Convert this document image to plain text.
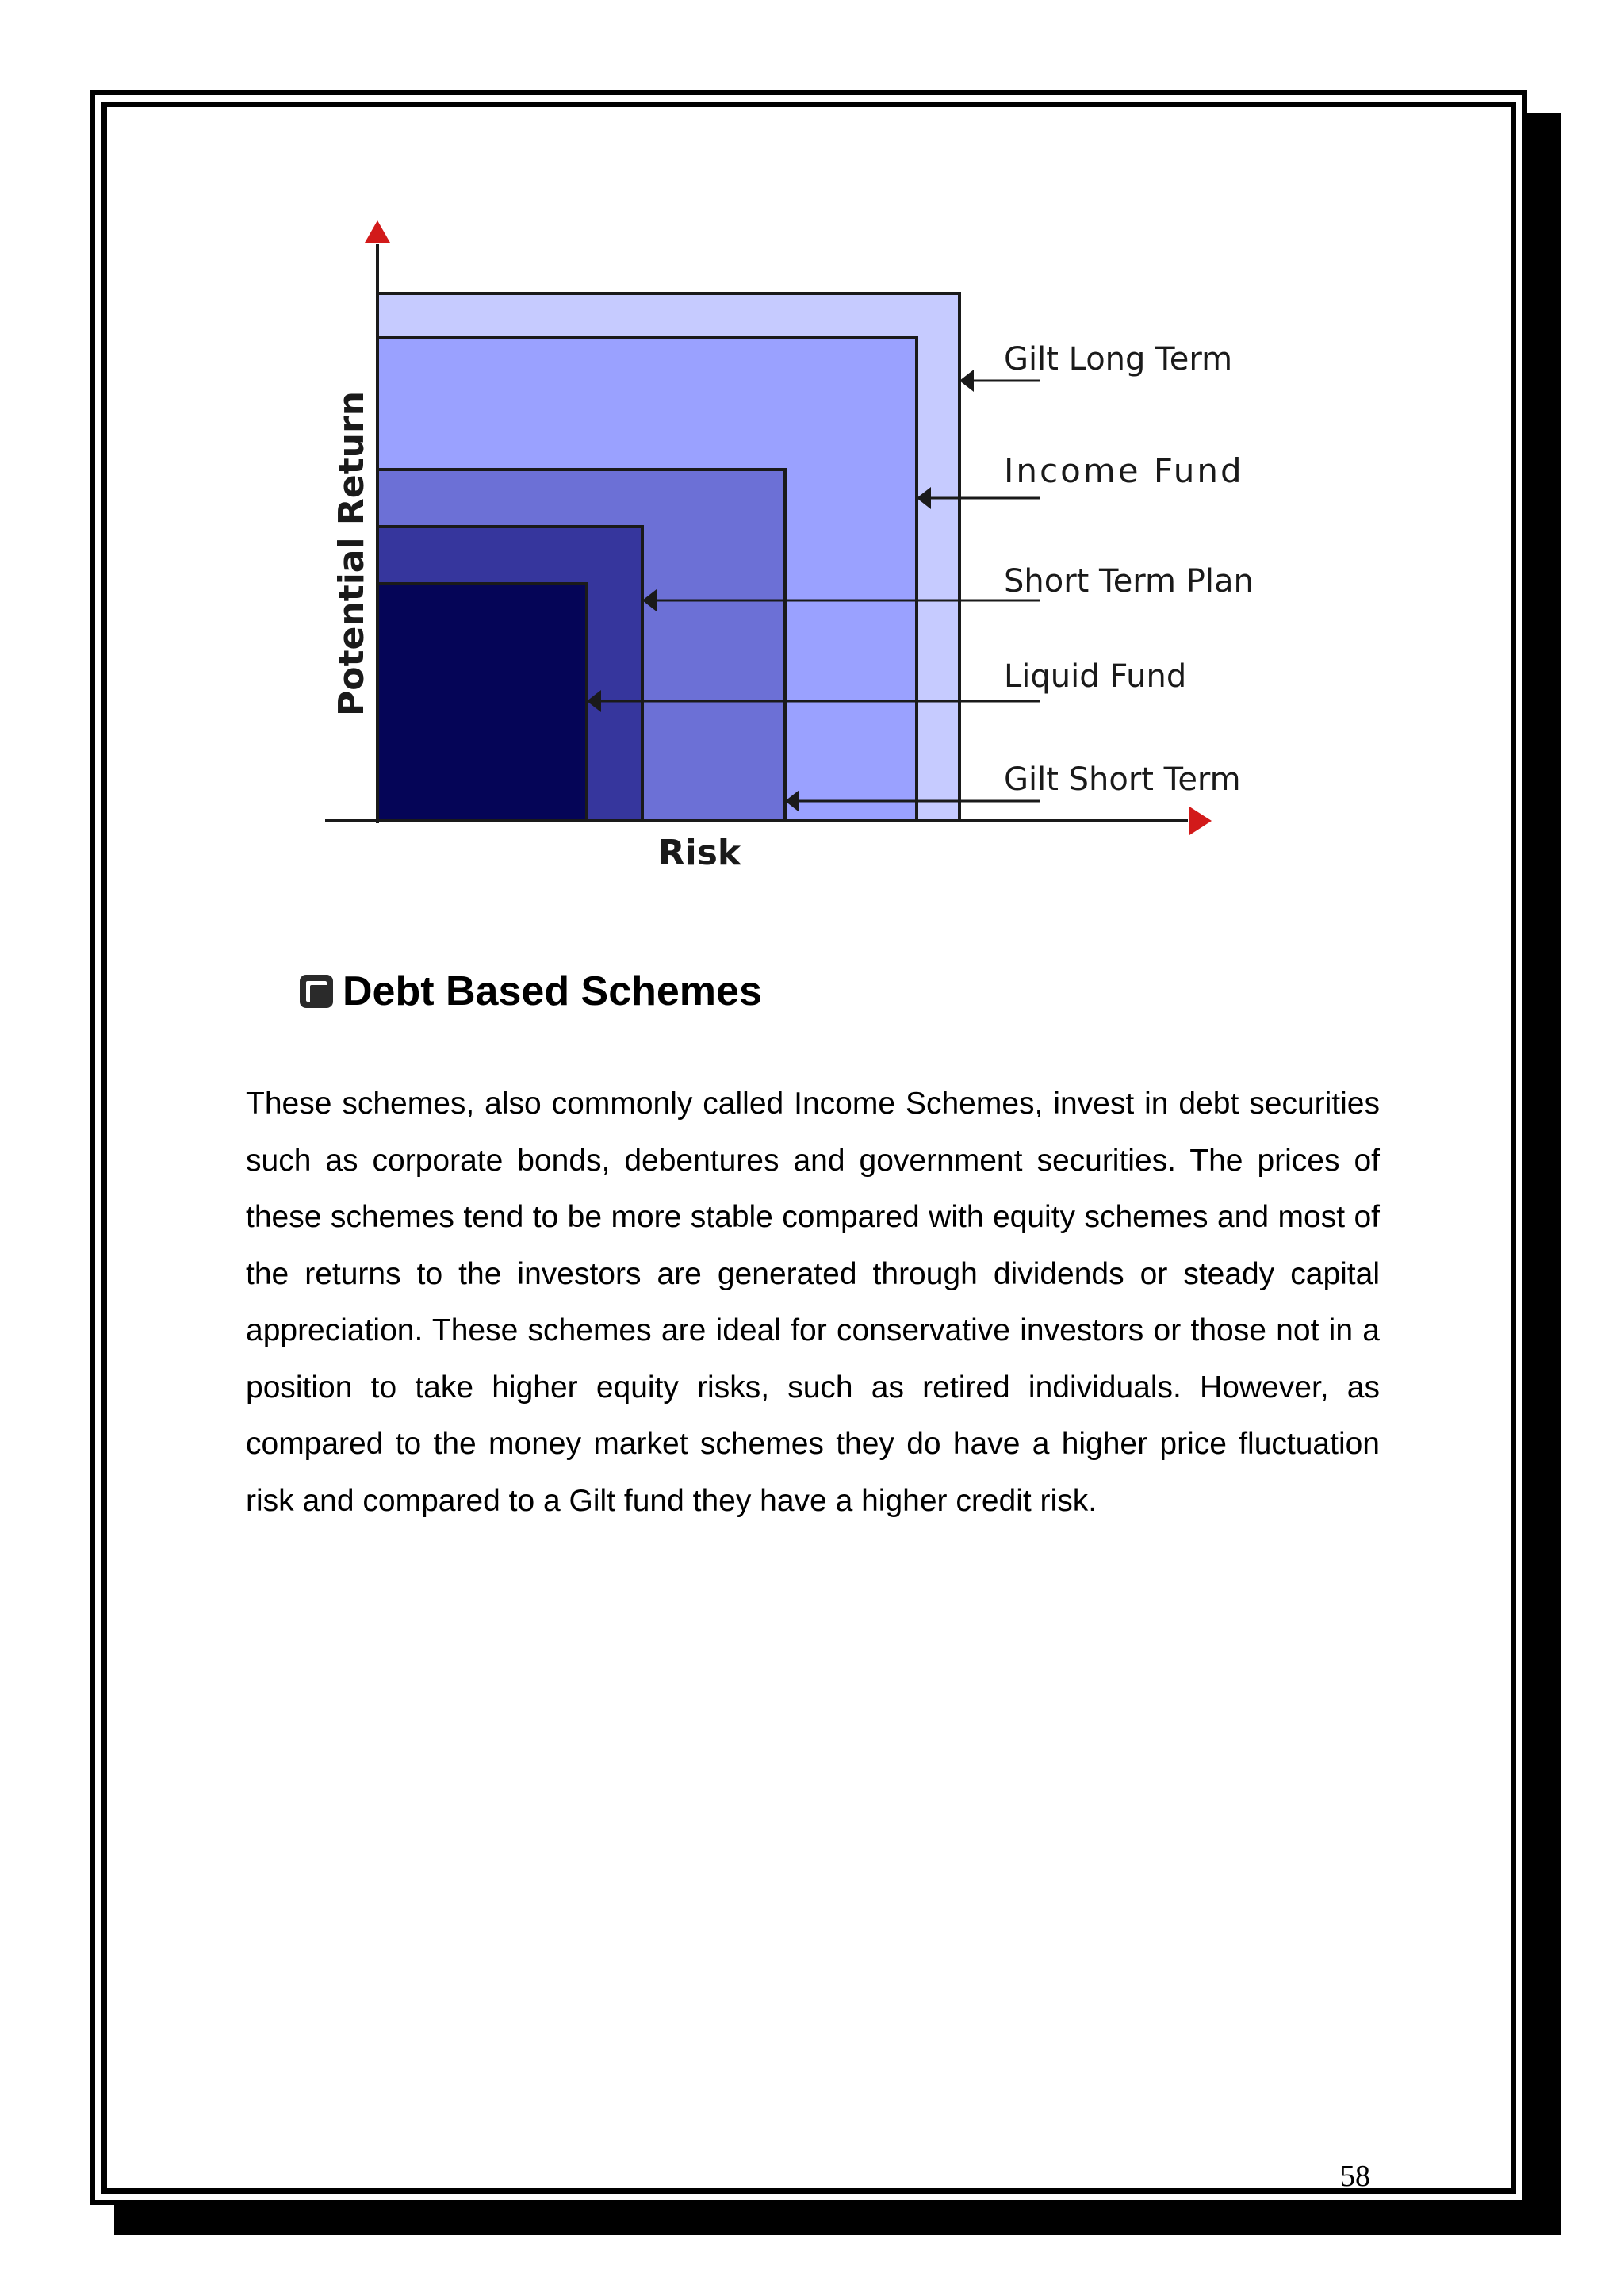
Potential Return
Risk
Gilt Long Term
Income Fund
Short Term Plan
Liquid Fund
Gilt Short Term
Debt Based Schemes

These schemes, also commonly called Income Schemes, invest in debt securities such as corporate bonds, debentures and government securities. The prices of these schemes tend to be more stable compared with equity schemes and most of the returns to the investors are generated through dividends or steady capital appreciation. These schemes are ideal for conservative investors or those not in a position to take higher equity risks, such as retired individuals. However, as compared to the money market schemes they do have a higher price fluctuation risk and compared to a Gilt fund they have a higher credit risk.

58
